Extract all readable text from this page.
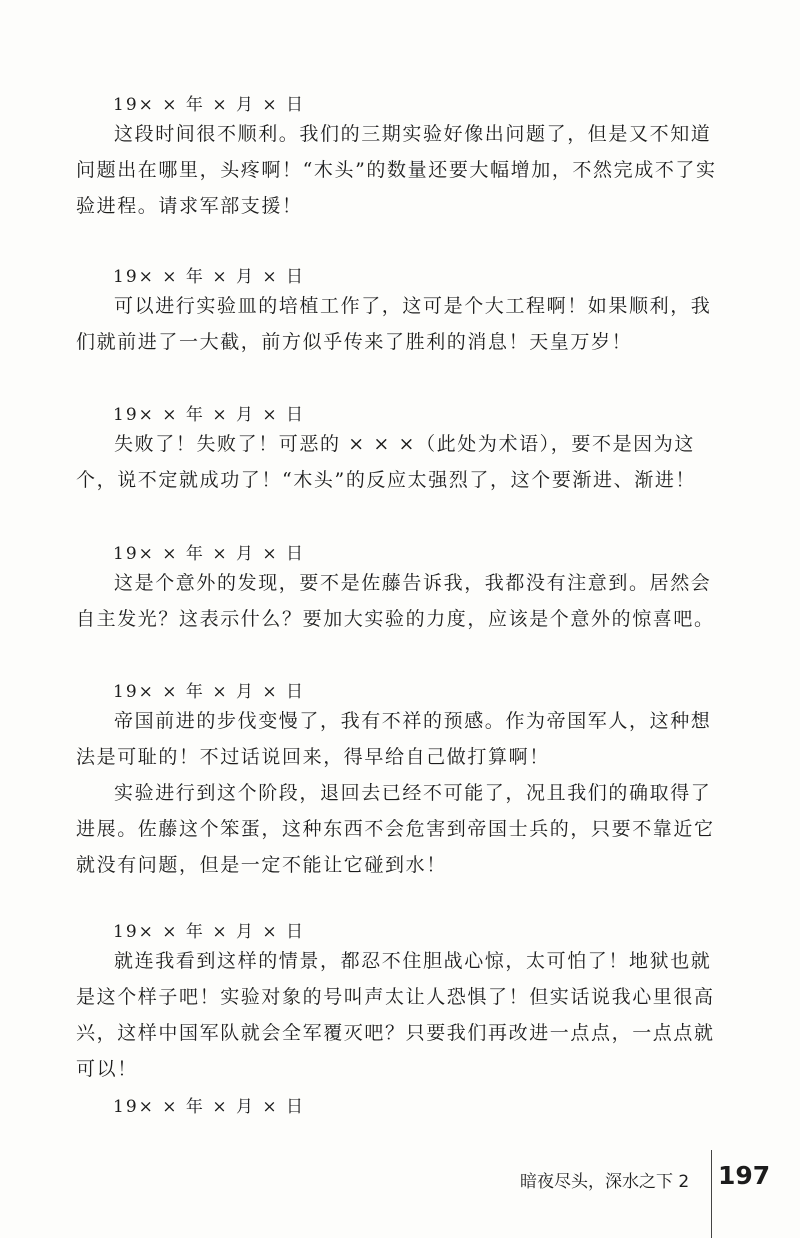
19× × 年 × 月 × 日

这段时间很不顺利。我们的三期实验好像出问题了，但是又不知道问题出在哪里，头疼啊！“木头”的数量还要大幅增加，不然完成不了实验进程。请求军部支援！

19× × 年 × 月 × 日

可以进行实验皿的培植工作了，这可是个大工程啊！如果顺利，我们就前进了一大截，前方似乎传来了胜利的消息！天皇万岁！

19× × 年 × 月 × 日

失败了！失败了！可恶的 × × ×（此处为术语），要不是因为这个，说不定就成功了！“木头”的反应太强烈了，这个要渐进、渐进！

19× × 年 × 月 × 日

这是个意外的发现，要不是佐藤告诉我，我都没有注意到。居然会自主发光？这表示什么？要加大实验的力度，应该是个意外的惊喜吧。

19× × 年 × 月 × 日

帝国前进的步伐变慢了，我有不祥的预感。作为帝国军人，这种想法是可耻的！不过话说回来，得早给自己做打算啊！

实验进行到这个阶段，退回去已经不可能了，况且我们的确取得了进展。佐藤这个笨蛋，这种东西不会危害到帝国士兵的，只要不靠近它就没有问题，但是一定不能让它碰到水！

19× × 年 × 月 × 日

就连我看到这样的情景，都忍不住胆战心惊，太可怕了！地狱也就是这个样子吧！实验对象的号叫声太让人恐惧了！但实话说我心里很高兴，这样中国军队就会全军覆灭吧？只要我们再改进一点点，一点点就可以！

19× × 年 × 月 × 日
暗夜尽头，深水之下 2 197
